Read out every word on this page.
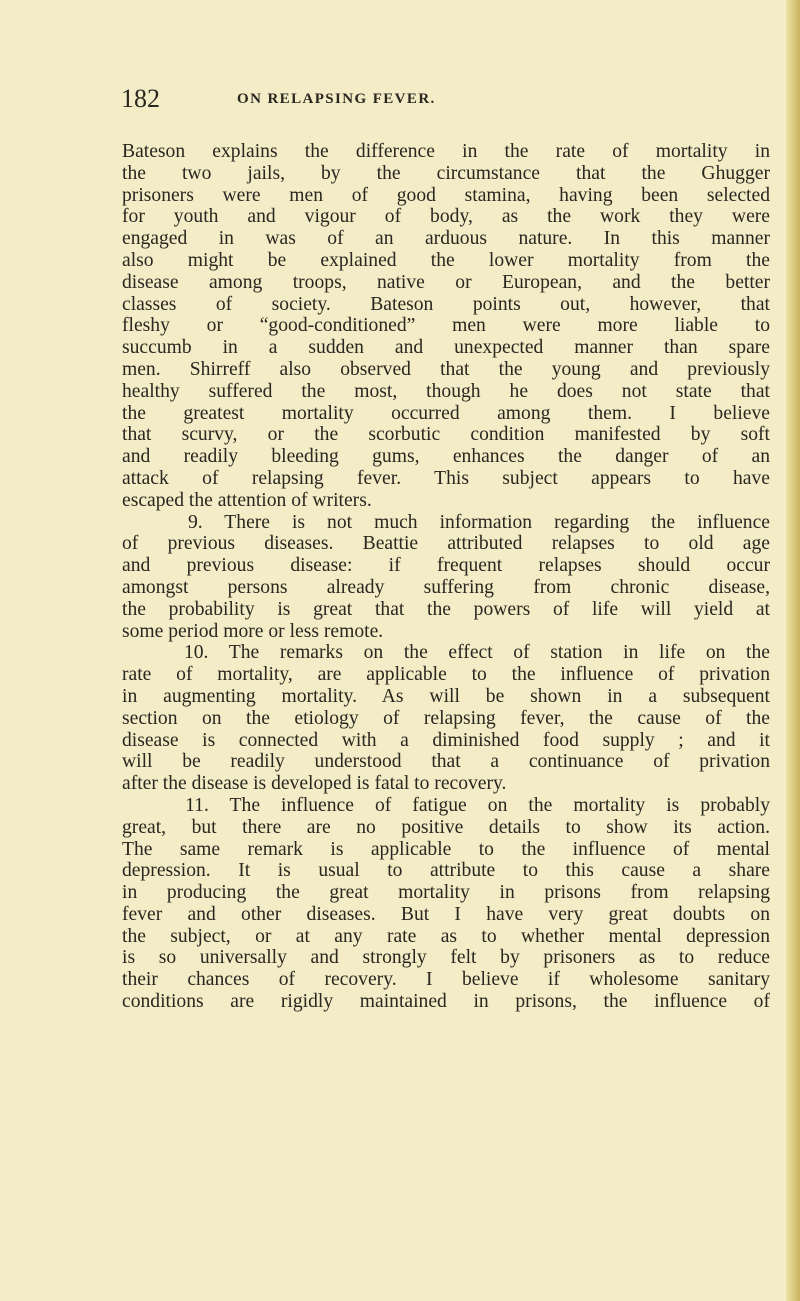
182	ON RELAPSING FEVER.
Bateson explains the difference in the rate of mortality in
the two jails, by the circumstance that the Ghugger
prisoners were men of good stamina, having been selected
for youth and vigour of body, as the work they were
engaged in was of an arduous nature. In this manner
also might be explained the lower mortality from the
disease among troops, native or European, and the better
classes of society. Bateson points out, however, that
fleshy or “good-conditioned” men were more liable to
succumb in a sudden and unexpected manner than spare
men. Shirreff also observed that the young and previously
healthy suffered the most, though he does not state that
the greatest mortality occurred among them. I believe
that scurvy, or the scorbutic condition manifested by soft
and readily bleeding gums, enhances the danger of an
attack of relapsing fever. This subject appears to have
escaped the attention of writers.
9. There is not much information regarding the influence
of previous diseases. Beattie attributed relapses to old age
and previous disease: if frequent relapses should occur
amongst persons already suffering from chronic disease,
the probability is great that the powers of life will yield at
some period more or less remote.
10. The remarks on the effect of station in life on the
rate of mortality, are applicable to the influence of privation
in augmenting mortality. As will be shown in a subsequent
section on the etiology of relapsing fever, the cause of the
disease is connected with a diminished food supply ; and it
will be readily understood that a continuance of privation
after the disease is developed is fatal to recovery.
11. The influence of fatigue on the mortality is probably
great, but there are no positive details to show its action.
The same remark is applicable to the influence of mental
depression. It is usual to attribute to this cause a share
in producing the great mortality in prisons from relapsing
fever and other diseases. But I have very great doubts on
the subject, or at any rate as to whether mental depression
is so universally and strongly felt by prisoners as to reduce
their chances of recovery. I believe if wholesome sanitary
conditions are rigidly maintained in prisons, the influence of
